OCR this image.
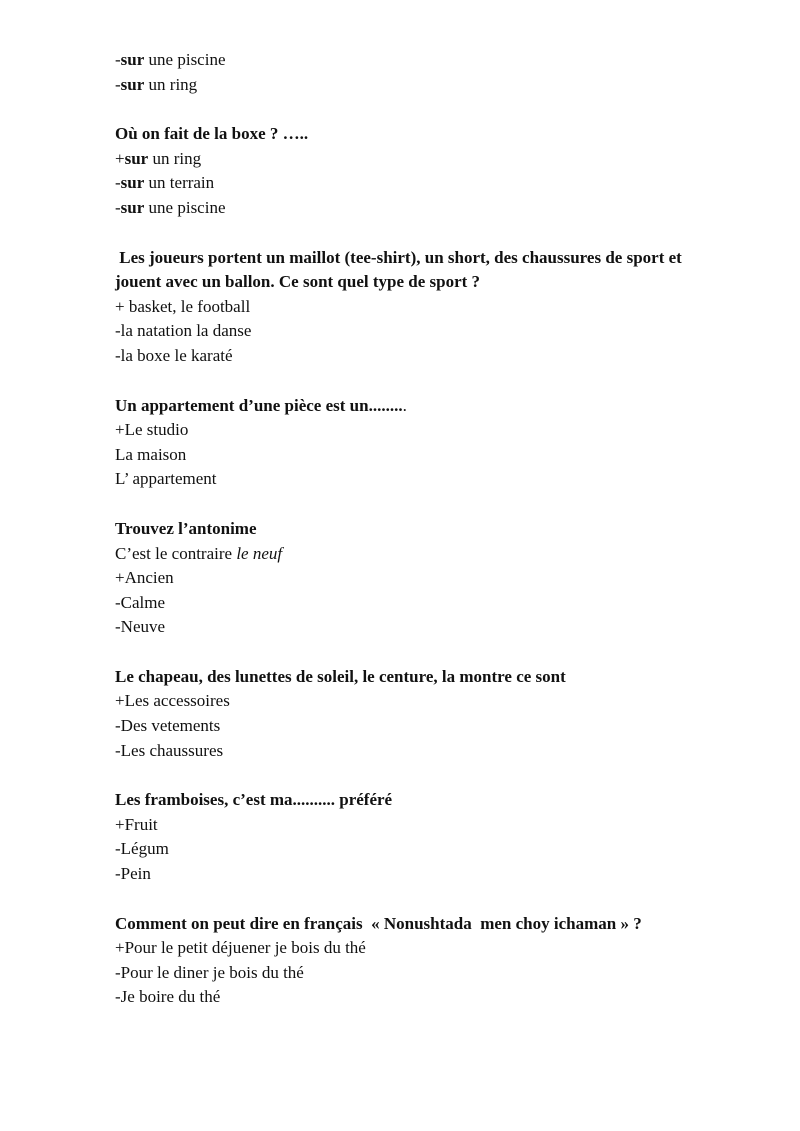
-sur une piscine
-sur un ring
Où on fait de la boxe ? …..
+sur un ring
-sur un terrain
-sur une piscine
Les joueurs portent un maillot (tee-shirt), un short, des chaussures de sport et
jouent avec un ballon. Ce sont quel type de sport ?
+ basket, le football
-la natation la danse
-la boxe le karaté
Un appartement d’une pièce est un.........
+Le studio
La maison
L’ appartement
Trouvez l’antonime
C’est le contraire le neuf
+Ancien
-Calme
-Neuve
Le chapeau, des lunettes de soleil, le centure, la montre ce sont
+Les accessoires
-Des vetements
-Les chaussures
Les framboises, c’est ma.......... préféré
+Fruit
-Légum
-Pein
Comment on peut dire en français  « Nonushtada  men choy ichaman » ?
+Pour le petit déjuener je bois du thé
-Pour le diner je bois du thé
-Je boire du thé
